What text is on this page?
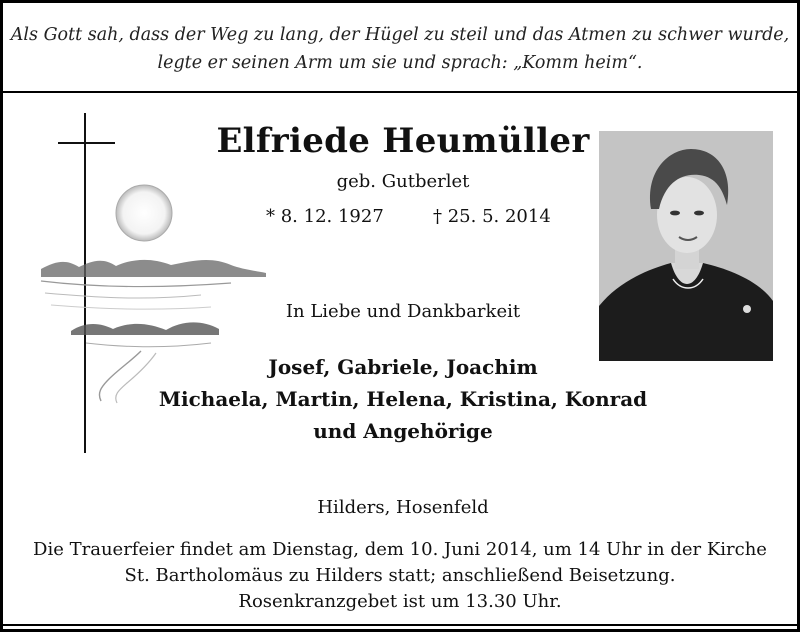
Als Gott sah, dass der Weg zu lang, der Hügel zu steil und das Atmen zu schwer wurde,
legte er seinen Arm um sie und sprach: „Komm heim“.
Elfriede Heumüller
geb. Gutberlet
* 8. 12. 1927	† 25. 5. 2014
In Liebe und Dankbarkeit
Josef, Gabriele, Joachim
Michaela, Martin, Helena, Kristina, Konrad
und Angehörige
Hilders, Hosenfeld
Die Trauerfeier findet am Dienstag, dem 10. Juni 2014, um 14 Uhr in der Kirche
St. Bartholomäus zu Hilders statt; anschließend Beisetzung.
Rosenkranzgebet ist um 13.30 Uhr.
